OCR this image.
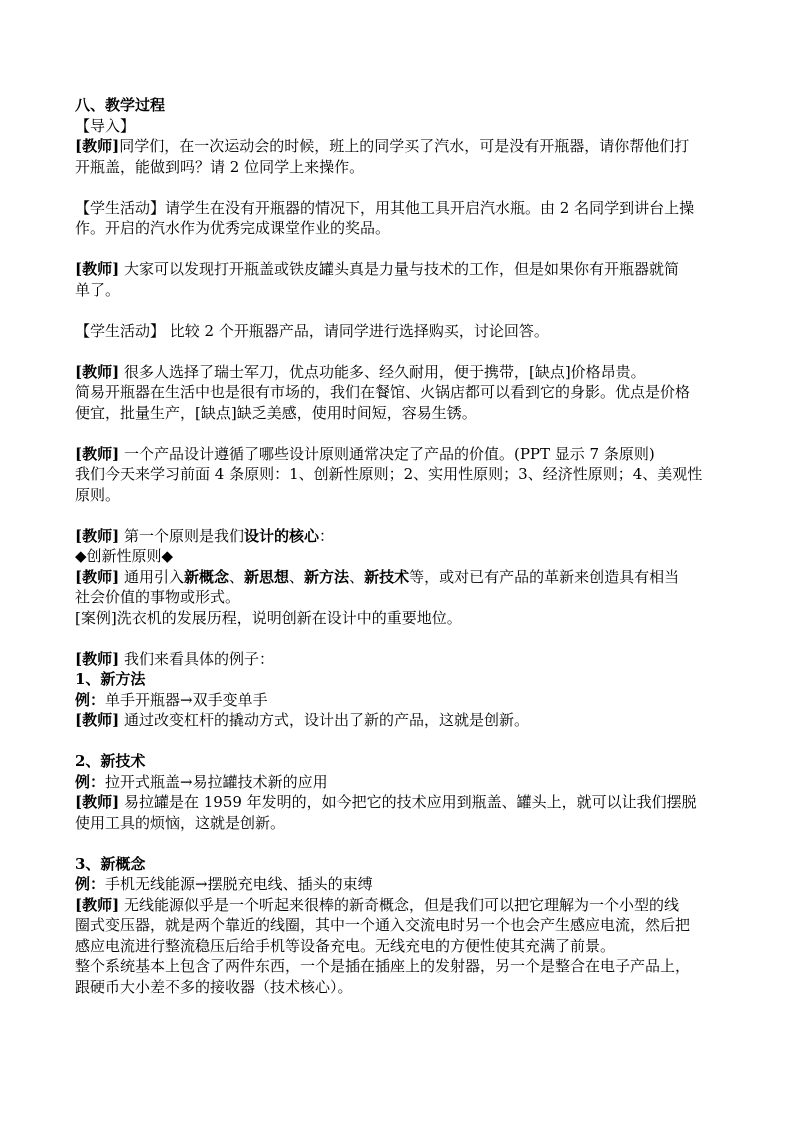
八、教学过程
【导入】
[教师]同学们，在一次运动会的时候，班上的同学买了汽水，可是没有开瓶器，请你帮他们打
开瓶盖，能做到吗？请 2 位同学上来操作。
【学生活动】请学生在没有开瓶器的情况下，用其他工具开启汽水瓶。由 2 名同学到讲台上操
作。开启的汽水作为优秀完成课堂作业的奖品。
[教师] 大家可以发现打开瓶盖或铁皮罐头真是力量与技术的工作，但是如果你有开瓶器就简
单了。
【学生活动】 比较 2 个开瓶器产品，请同学进行选择购买，讨论回答。
[教师] 很多人选择了瑞士军刀，优点功能多、经久耐用，便于携带，[缺点]价格昂贵。
简易开瓶器在生活中也是很有市场的，我们在餐馆、火锅店都可以看到它的身影。优点是价格
便宜，批量生产，[缺点]缺乏美感，使用时间短，容易生锈。
[教师] 一个产品设计遵循了哪些设计原则通常决定了产品的价值。(PPT 显示 7 条原则)
我们今天来学习前面 4 条原则：1、创新性原则；2、实用性原则；3、经济性原则；4、美观性
原则。
[教师] 第一个原则是我们设计的核心：
◆创新性原则◆
[教师] 通用引入新概念、新思想、新方法、新技术等，或对已有产品的革新来创造具有相当
社会价值的事物或形式。
[案例]洗衣机的发展历程，说明创新在设计中的重要地位。
[教师] 我们来看具体的例子：
1、新方法
例：单手开瓶器→双手变单手
[教师] 通过改变杠杆的撬动方式，设计出了新的产品，这就是创新。
2、新技术
例：拉开式瓶盖→易拉罐技术新的应用
[教师] 易拉罐是在 1959 年发明的，如今把它的技术应用到瓶盖、罐头上，就可以让我们摆脱
使用工具的烦恼，这就是创新。
3、新概念
例：手机无线能源→摆脱充电线、插头的束缚
[教师] 无线能源似乎是一个听起来很棒的新奇概念，但是我们可以把它理解为一个小型的线
圈式变压器，就是两个靠近的线圈，其中一个通入交流电时另一个也会产生感应电流，然后把
感应电流进行整流稳压后给手机等设备充电。无线充电的方便性使其充满了前景。
整个系统基本上包含了两件东西，一个是插在插座上的发射器，另一个是整合在电子产品上，
跟硬币大小差不多的接收器（技术核心）。
